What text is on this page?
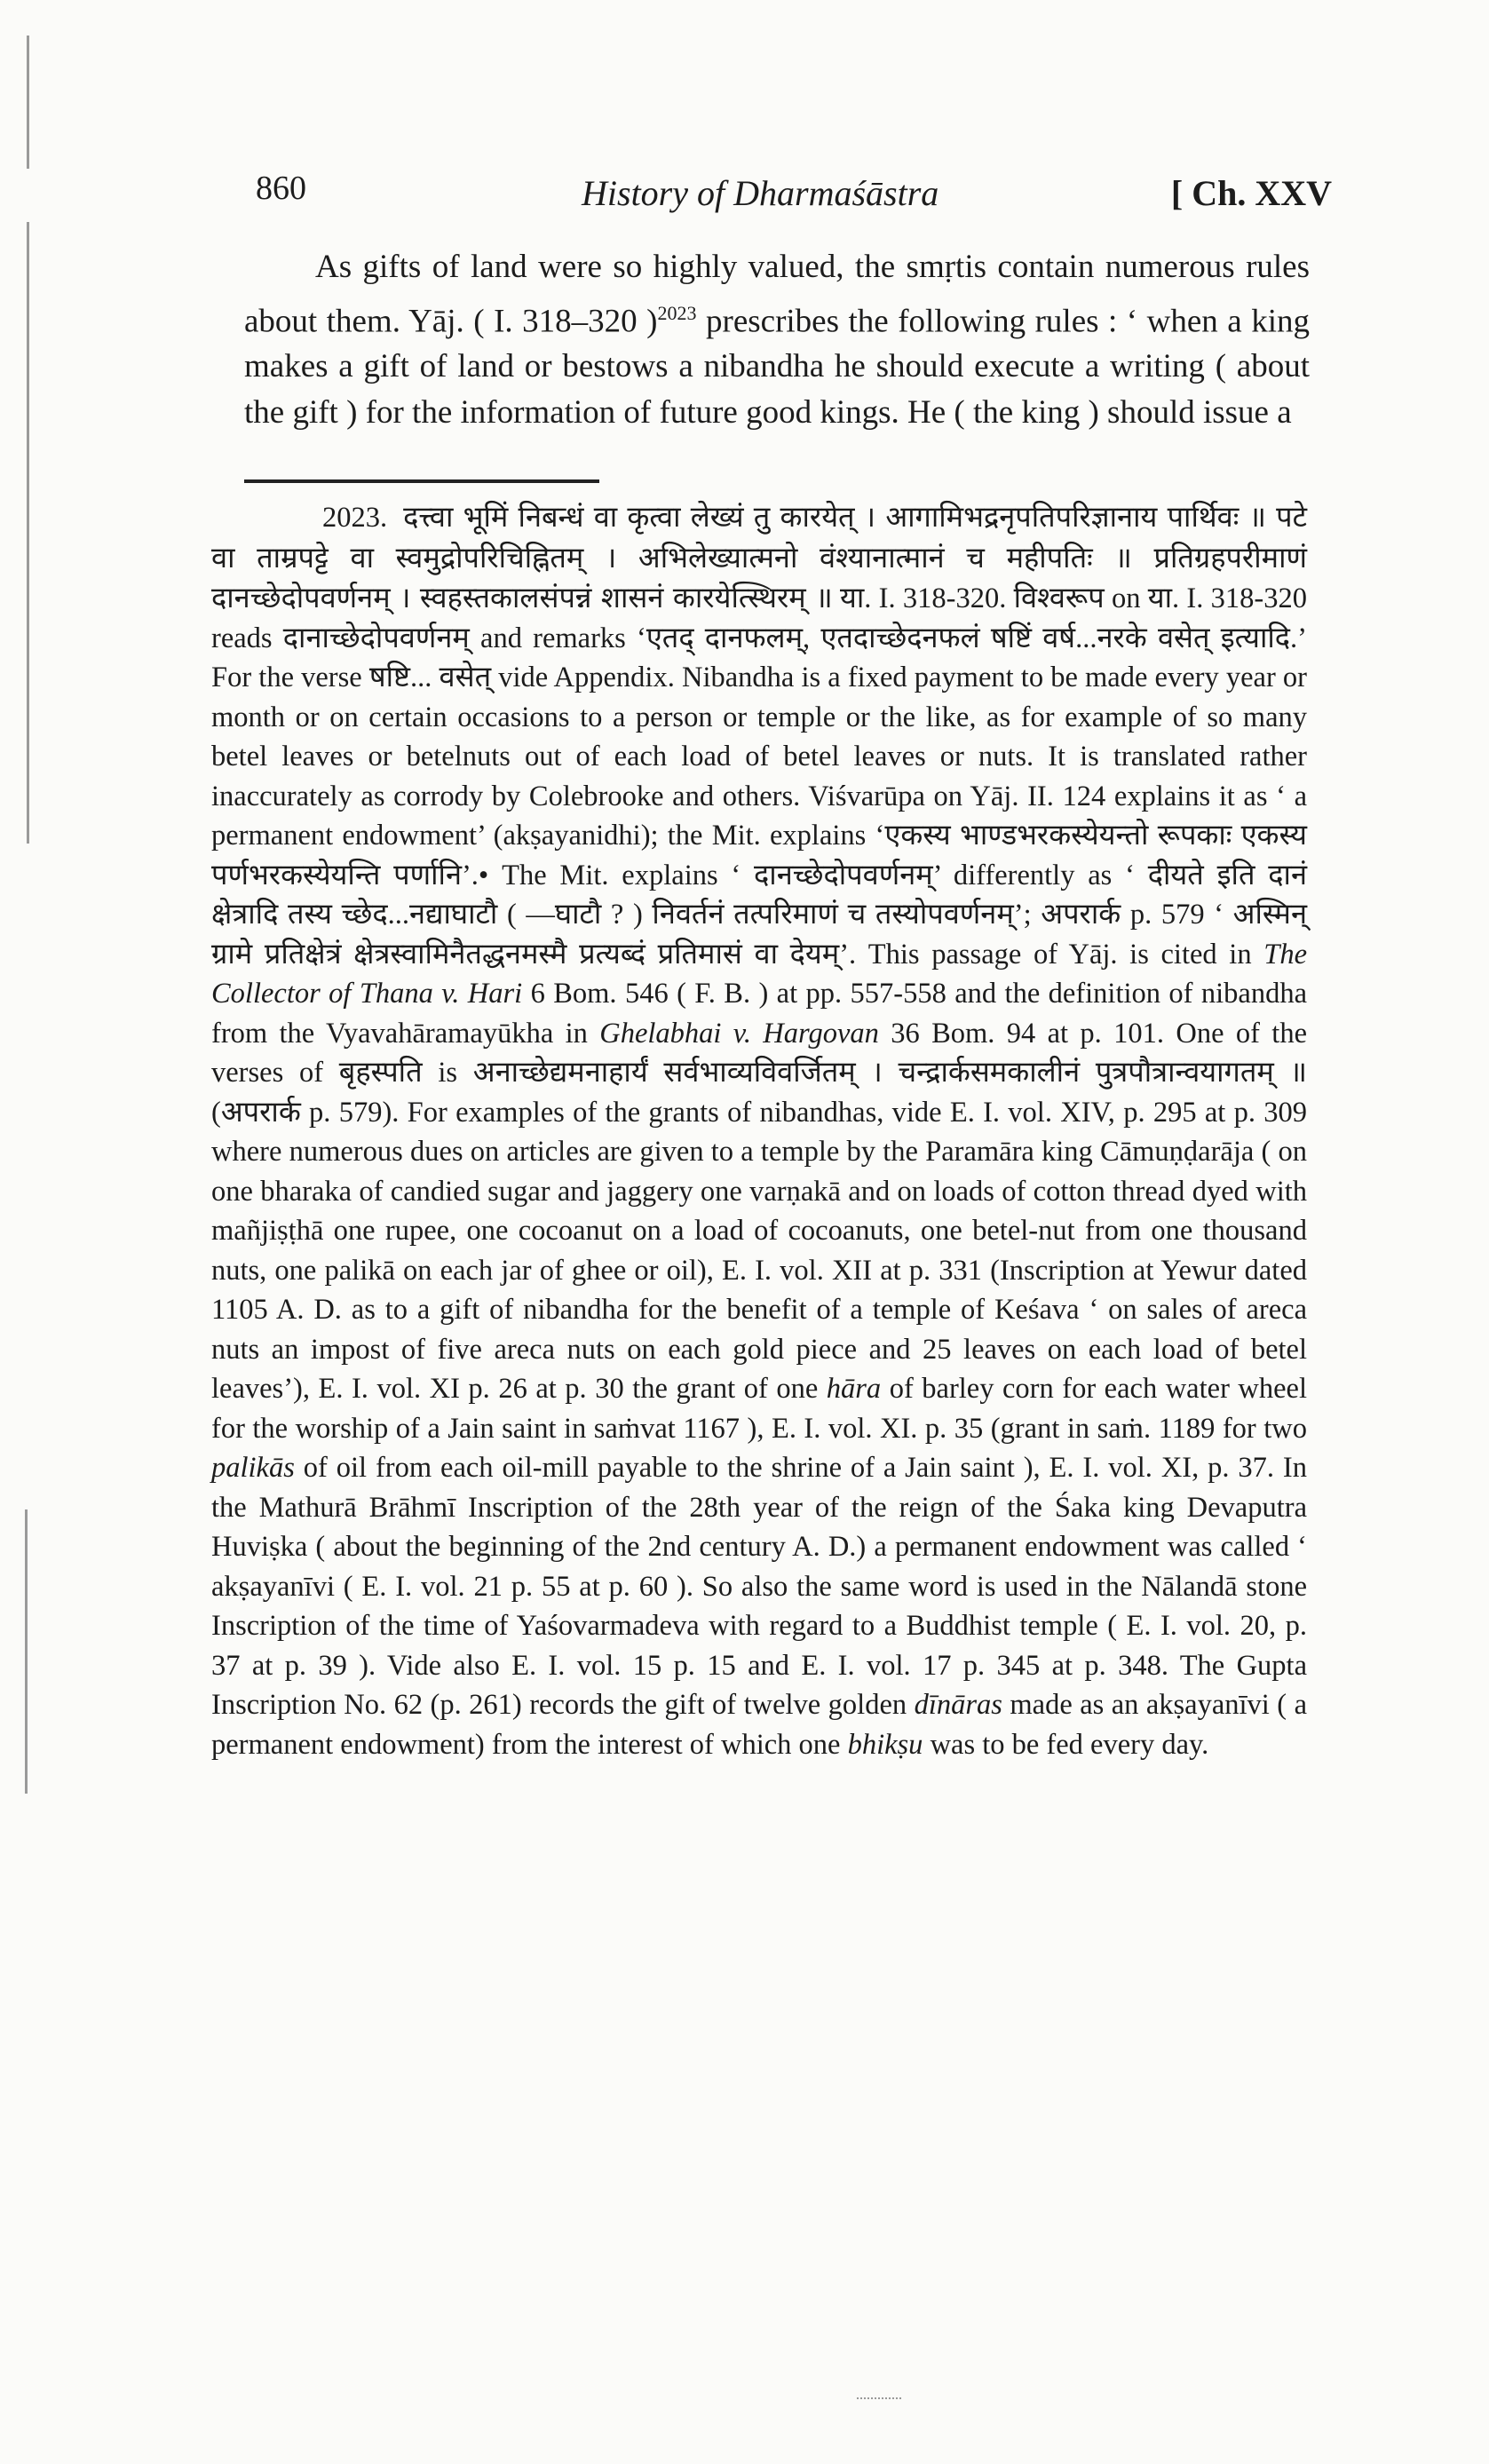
860	History of Dharmaśāstra	[ Ch. XXV

As gifts of land were so highly valued, the smṛtis contain numerous rules about them. Yāj. ( I. 318–320 )$^{2023}$ prescribes the following rules : ‘ when a king makes a gift of land or bestows a nibandha he should execute a writing ( about the gift ) for the information of future good kings. He ( the king ) should issue a

2023. दत्त्वा भूमिं निबन्धं वा कृत्वा लेख्यं तु कारयेत् । आगामिभद्रनृपतिपरिज्ञानाय पार्थिवः ॥ पटे वा ताम्रपट्टे वा स्वमुद्रोपरिचिह्नितम् । अभिलेख्यात्मनो वंश्यानात्मानं च महीपतिः ॥ प्रतिग्रहपरीमाणं दानच्छेदोपवर्णनम् । स्वहस्तकालसंपन्नं शासनं कारयेत्स्थिरम् ॥ या. I. 318-320. विश्वरूप on या. I. 318-320 reads दानाच्छेदोपवर्णनम् and remarks ‘एतद् दानफलम्, एतदाच्छेदनफलं षष्टिं वर्ष...नरके वसेत् इत्यादि.’ For the verse षष्टि... वसेत् vide Appendix. Nibandha is a fixed payment to be made every year or month or on certain occasions to a person or temple or the like, as for example of so many betel leaves or betelnuts out of each load of betel leaves or nuts. It is translated rather inaccurately as corrody by Colebrooke and others. Viśvarūpa on Yāj. II. 124 explains it as ‘ a permanent endowment’ (akṣayanidhi); the Mit. explains ‘एकस्य भाण्डभरकस्येयन्तो रूपकाः एकस्य पर्णभरकस्येयन्ति पर्णानि’.• The Mit. explains ‘ दानच्छेदोपवर्णनम्’ differently as ‘ दीयते इति दानं क्षेत्रादि तस्य च्छेद...नद्याघाटौ ( —घाटौ ? ) निवर्तनं तत्परिमाणं च तस्योपवर्णनम्’; अपरार्क p. 579 ‘ अस्मिन् ग्रामे प्रतिक्षेत्रं क्षेत्रस्वामिनैतद्धनमस्मै प्रत्यब्दं प्रतिमासं वा देयम्’. This passage of Yāj. is cited in The Collector of Thana v. Hari 6 Bom. 546 ( F. B. ) at pp. 557-558 and the definition of nibandha from the Vyavahāramayūkha in Ghelabhai v. Hargovan 36 Bom. 94 at p. 101. One of the verses of बृहस्पति is अनाच्छेद्यमनाहार्यं सर्वभाव्यविवर्जितम् । चन्द्रार्कसमकालीनं पुत्रपौत्रान्वयागतम् ॥ (अपरार्क p. 579). For examples of the grants of nibandhas, vide E. I. vol. XIV, p. 295 at p. 309 where numerous dues on articles are given to a temple by the Paramāra king Cāmuṇḍarāja ( on one bharaka of candied sugar and jaggery one varṇakā and on loads of cotton thread dyed with mañjiṣṭhā one rupee, one cocoanut on a load of cocoanuts, one betel-nut from one thousand nuts, one palikā on each jar of ghee or oil), E. I. vol. XII at p. 331 (Inscription at Yewur dated 1105 A. D. as to a gift of nibandha for the benefit of a temple of Keśava ‘ on sales of areca nuts an impost of five areca nuts on each gold piece and 25 leaves on each load of betel leaves’), E. I. vol. XI p. 26 at p. 30 the grant of one hāra of barley corn for each water wheel for the worship of a Jain saint in saṁvat 1167 ), E. I. vol. XI. p. 35 (grant in saṁ. 1189 for two palikās of oil from each oil-mill payable to the shrine of a Jain saint ), E. I. vol. XI, p. 37. In the Mathurā Brāhmī Inscription of the 28th year of the reign of the Śaka king Devaputra Huviṣka ( about the beginning of the 2nd century A. D.) a permanent endowment was called ‘ akṣayanīvi ( E. I. vol. 21 p. 55 at p. 60 ). So also the same word is used in the Nālandā stone Inscription of the time of Yaśovarmadeva with regard to a Buddhist temple ( E. I. vol. 20, p. 37 at p. 39 ). Vide also E. I. vol. 15 p. 15 and E. I. vol. 17 p. 345 at p. 348. The Gupta Inscription No. 62 (p. 261) records the gift of twelve golden dīnāras made as an akṣayanīvi ( a permanent endowment) from the interest of which one bhikṣu was to be fed every day.
